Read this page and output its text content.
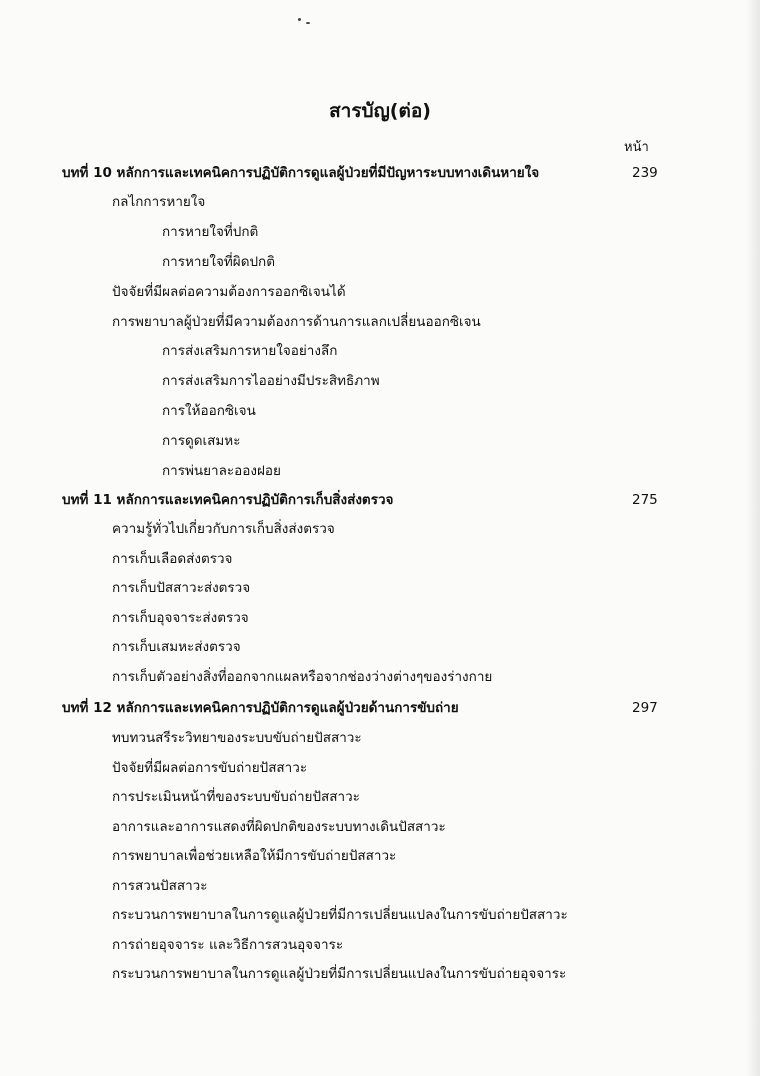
สารบัญ(ต่อ)
หน้า
บทที่ 10 หลักการและเทคนิคการปฏิบัติการดูแลผู้ป่วยที่มีปัญหาระบบทางเดินหายใจ	239
กลไกการหายใจ
การหายใจที่ปกติ
การหายใจที่ผิดปกติ
ปัจจัยที่มีผลต่อความต้องการออกซิเจนได้
การพยาบาลผู้ป่วยที่มีความต้องการด้านการแลกเปลี่ยนออกซิเจน
การส่งเสริมการหายใจอย่างลึก
การส่งเสริมการไออย่างมีประสิทธิภาพ
การให้ออกซิเจน
การดูดเสมหะ
การพ่นยาละอองฝอย
บทที่ 11 หลักการและเทคนิคการปฏิบัติการเก็บสิ่งส่งตรวจ	275
ความรู้ทั่วไปเกี่ยวกับการเก็บสิ่งส่งตรวจ
การเก็บเลือดส่งตรวจ
การเก็บปัสสาวะส่งตรวจ
การเก็บอุจจาระส่งตรวจ
การเก็บเสมหะส่งตรวจ
การเก็บตัวอย่างสิ่งที่ออกจากแผลหรือจากช่องว่างต่างๆของร่างกาย
บทที่ 12 หลักการและเทคนิคการปฏิบัติการดูแลผู้ป่วยด้านการขับถ่าย	297
ทบทวนสรีระวิทยาของระบบขับถ่ายปัสสาวะ
ปัจจัยที่มีผลต่อการขับถ่ายปัสสาวะ
การประเมินหน้าที่ของระบบขับถ่ายปัสสาวะ
อาการและอาการแสดงที่ผิดปกติของระบบทางเดินปัสสาวะ
การพยาบาลเพื่อช่วยเหลือให้มีการขับถ่ายปัสสาวะ
การสวนปัสสาวะ
กระบวนการพยาบาลในการดูแลผู้ป่วยที่มีการเปลี่ยนแปลงในการขับถ่ายปัสสาวะ
การถ่ายอุจจาระ และวิธีการสวนอุจจาระ
กระบวนการพยาบาลในการดูแลผู้ป่วยที่มีการเปลี่ยนแปลงในการขับถ่ายอุจจาระ
